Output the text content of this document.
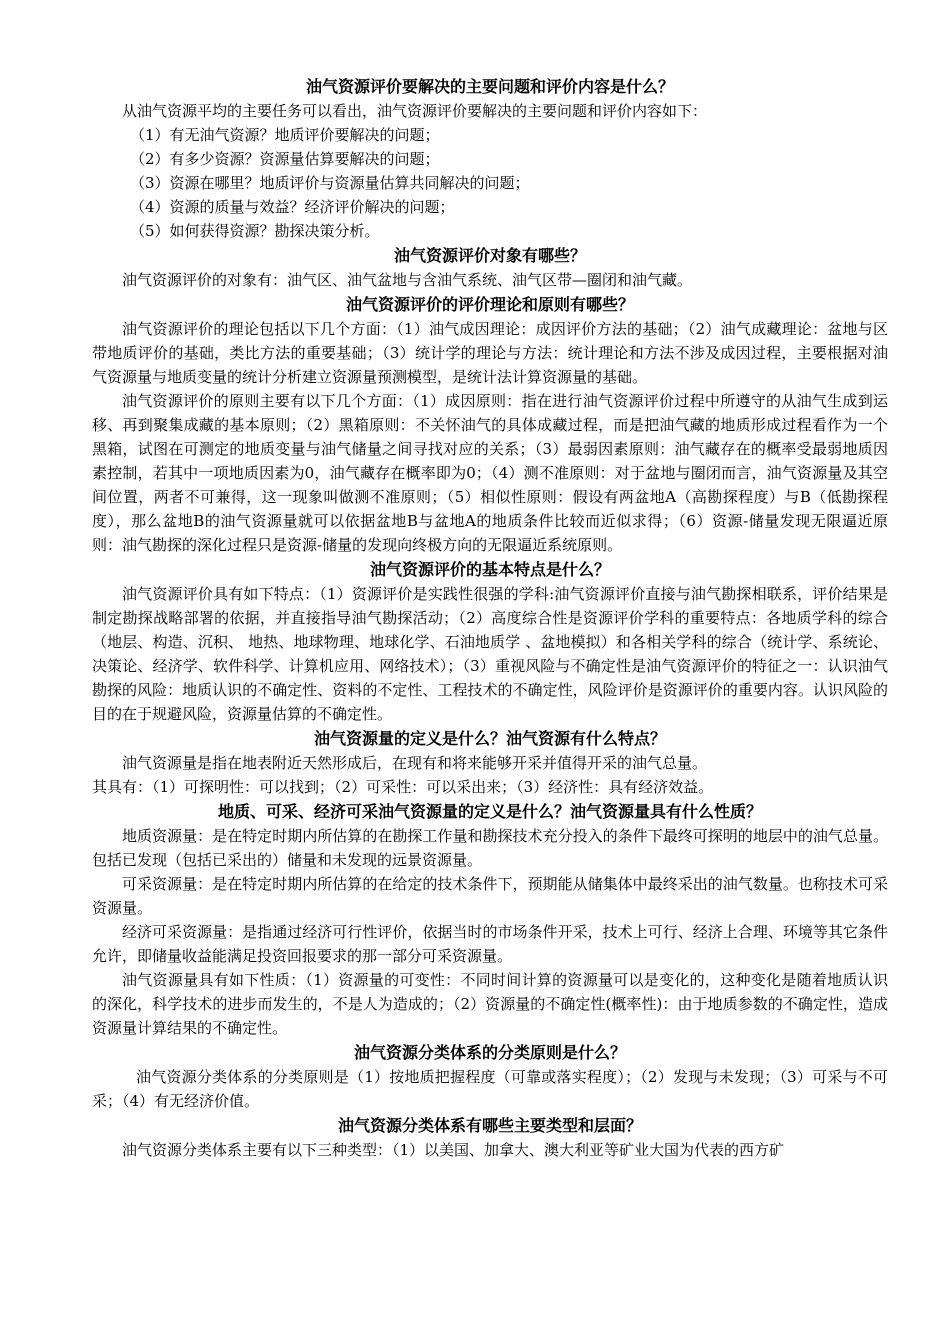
油气资源评价要解决的主要问题和评价内容是什么？

从油气资源平均的主要任务可以看出，油气资源评价要解决的主要问题和评价内容如下：

（1）有无油气资源？地质评价要解决的问题；

（2）有多少资源？资源量估算要解决的问题；

（3）资源在哪里？地质评价与资源量估算共同解决的问题；

（4）资源的质量与效益？经济评价解决的问题；

（5）如何获得资源？勘探决策分析。

油气资源评价对象有哪些？

油气资源评价的对象有：油气区、油气盆地与含油气系统、油气区带—圈闭和油气藏。

油气资源评价的评价理论和原则有哪些？

油气资源评价的理论包括以下几个方面：（1）油气成因理论：成因评价方法的基础；（2）油气成藏理论：盆地与区带地质评价的基础，类比方法的重要基础；（3）统计学的理论与方法：统计理论和方法不涉及成因过程，主要根据对油气资源量与地质变量的统计分析建立资源量预测模型，是统计法计算资源量的基础。

油气资源评价的原则主要有以下几个方面：（1）成因原则：指在进行油气资源评价过程中所遵守的从油气生成到运移、再到聚集成藏的基本原则；（2）黑箱原则：不关怀油气的具体成藏过程，而是把油气藏的地质形成过程看作为一个黑箱，试图在可测定的地质变量与油气储量之间寻找对应的关系；（3）最弱因素原则：油气藏存在的概率受最弱地质因素控制，若其中一项地质因素为0，油气藏存在概率即为0；（4）测不准原则：对于盆地与圈闭而言，油气资源量及其空间位置，两者不可兼得，这一现象叫做测不准原则；（5）相似性原则：假设有两盆地A（高勘探程度）与B（低勘探程度），那么盆地B的油气资源量就可以依据盆地B与盆地A的地质条件比较而近似求得；（6）资源-储量发现无限逼近原则：油气勘探的深化过程只是资源-储量的发现向终极方向的无限逼近系统原则。

油气资源评价的基本特点是什么？

油气资源评价具有如下特点：（1）资源评价是实践性很强的学科:油气资源评价直接与油气勘探相联系，评价结果是制定勘探战略部署的依据，并直接指导油气勘探活动；（2）高度综合性是资源评价学科的重要特点：各地质学科的综合（地层、构造、沉积、 地热、地球物理、地球化学、石油地质学 、盆地模拟）和各相关学科的综合（统计学、系统论、决策论、经济学、软件科学、计算机应用、网络技术）；（3）重视风险与不确定性是油气资源评价的特征之一：认识油气勘探的风险：地质认识的不确定性、资料的不定性、工程技术的不确定性，风险评价是资源评价的重要内容。认识风险的目的在于规避风险，资源量估算的不确定性。

油气资源量的定义是什么？油气资源有什么特点？

油气资源量是指在地表附近天然形成后，在现有和将来能够开采并值得开采的油气总量。

其具有：（1）可探明性：可以找到；（2）可采性：可以采出来；（3）经济性：具有经济效益。

地质、可采、经济可采油气资源量的定义是什么？油气资源量具有什么性质？

地质资源量：是在特定时期内所估算的在勘探工作量和勘探技术充分投入的条件下最终可探明的地层中的油气总量。包括已发现（包括已采出的）储量和未发现的远景资源量。

可采资源量：是在特定时期内所估算的在给定的技术条件下，预期能从储集体中最终采出的油气数量。也称技术可采资源量。

经济可采资源量：是指通过经济可行性评价，依据当时的市场条件开采，技术上可行、经济上合理、环境等其它条件允许，即储量收益能满足投资回报要求的那一部分可采资源量。

油气资源量具有如下性质：（1）资源量的可变性：不同时间计算的资源量可以是变化的，这种变化是随着地质认识的深化，科学技术的进步而发生的，不是人为造成的；（2）资源量的不确定性(概率性)：由于地质参数的不确定性，造成资源量计算结果的不确定性。

油气资源分类体系的分类原则是什么？

油气资源分类体系的分类原则是（1）按地质把握程度（可靠或落实程度）；（2）发现与未发现；（3）可采与不可采；（4）有无经济价值。

油气资源分类体系有哪些主要类型和层面？

油气资源分类体系主要有以下三种类型：（1）以美国、加拿大、澳大利亚等矿业大国为代表的西方矿
